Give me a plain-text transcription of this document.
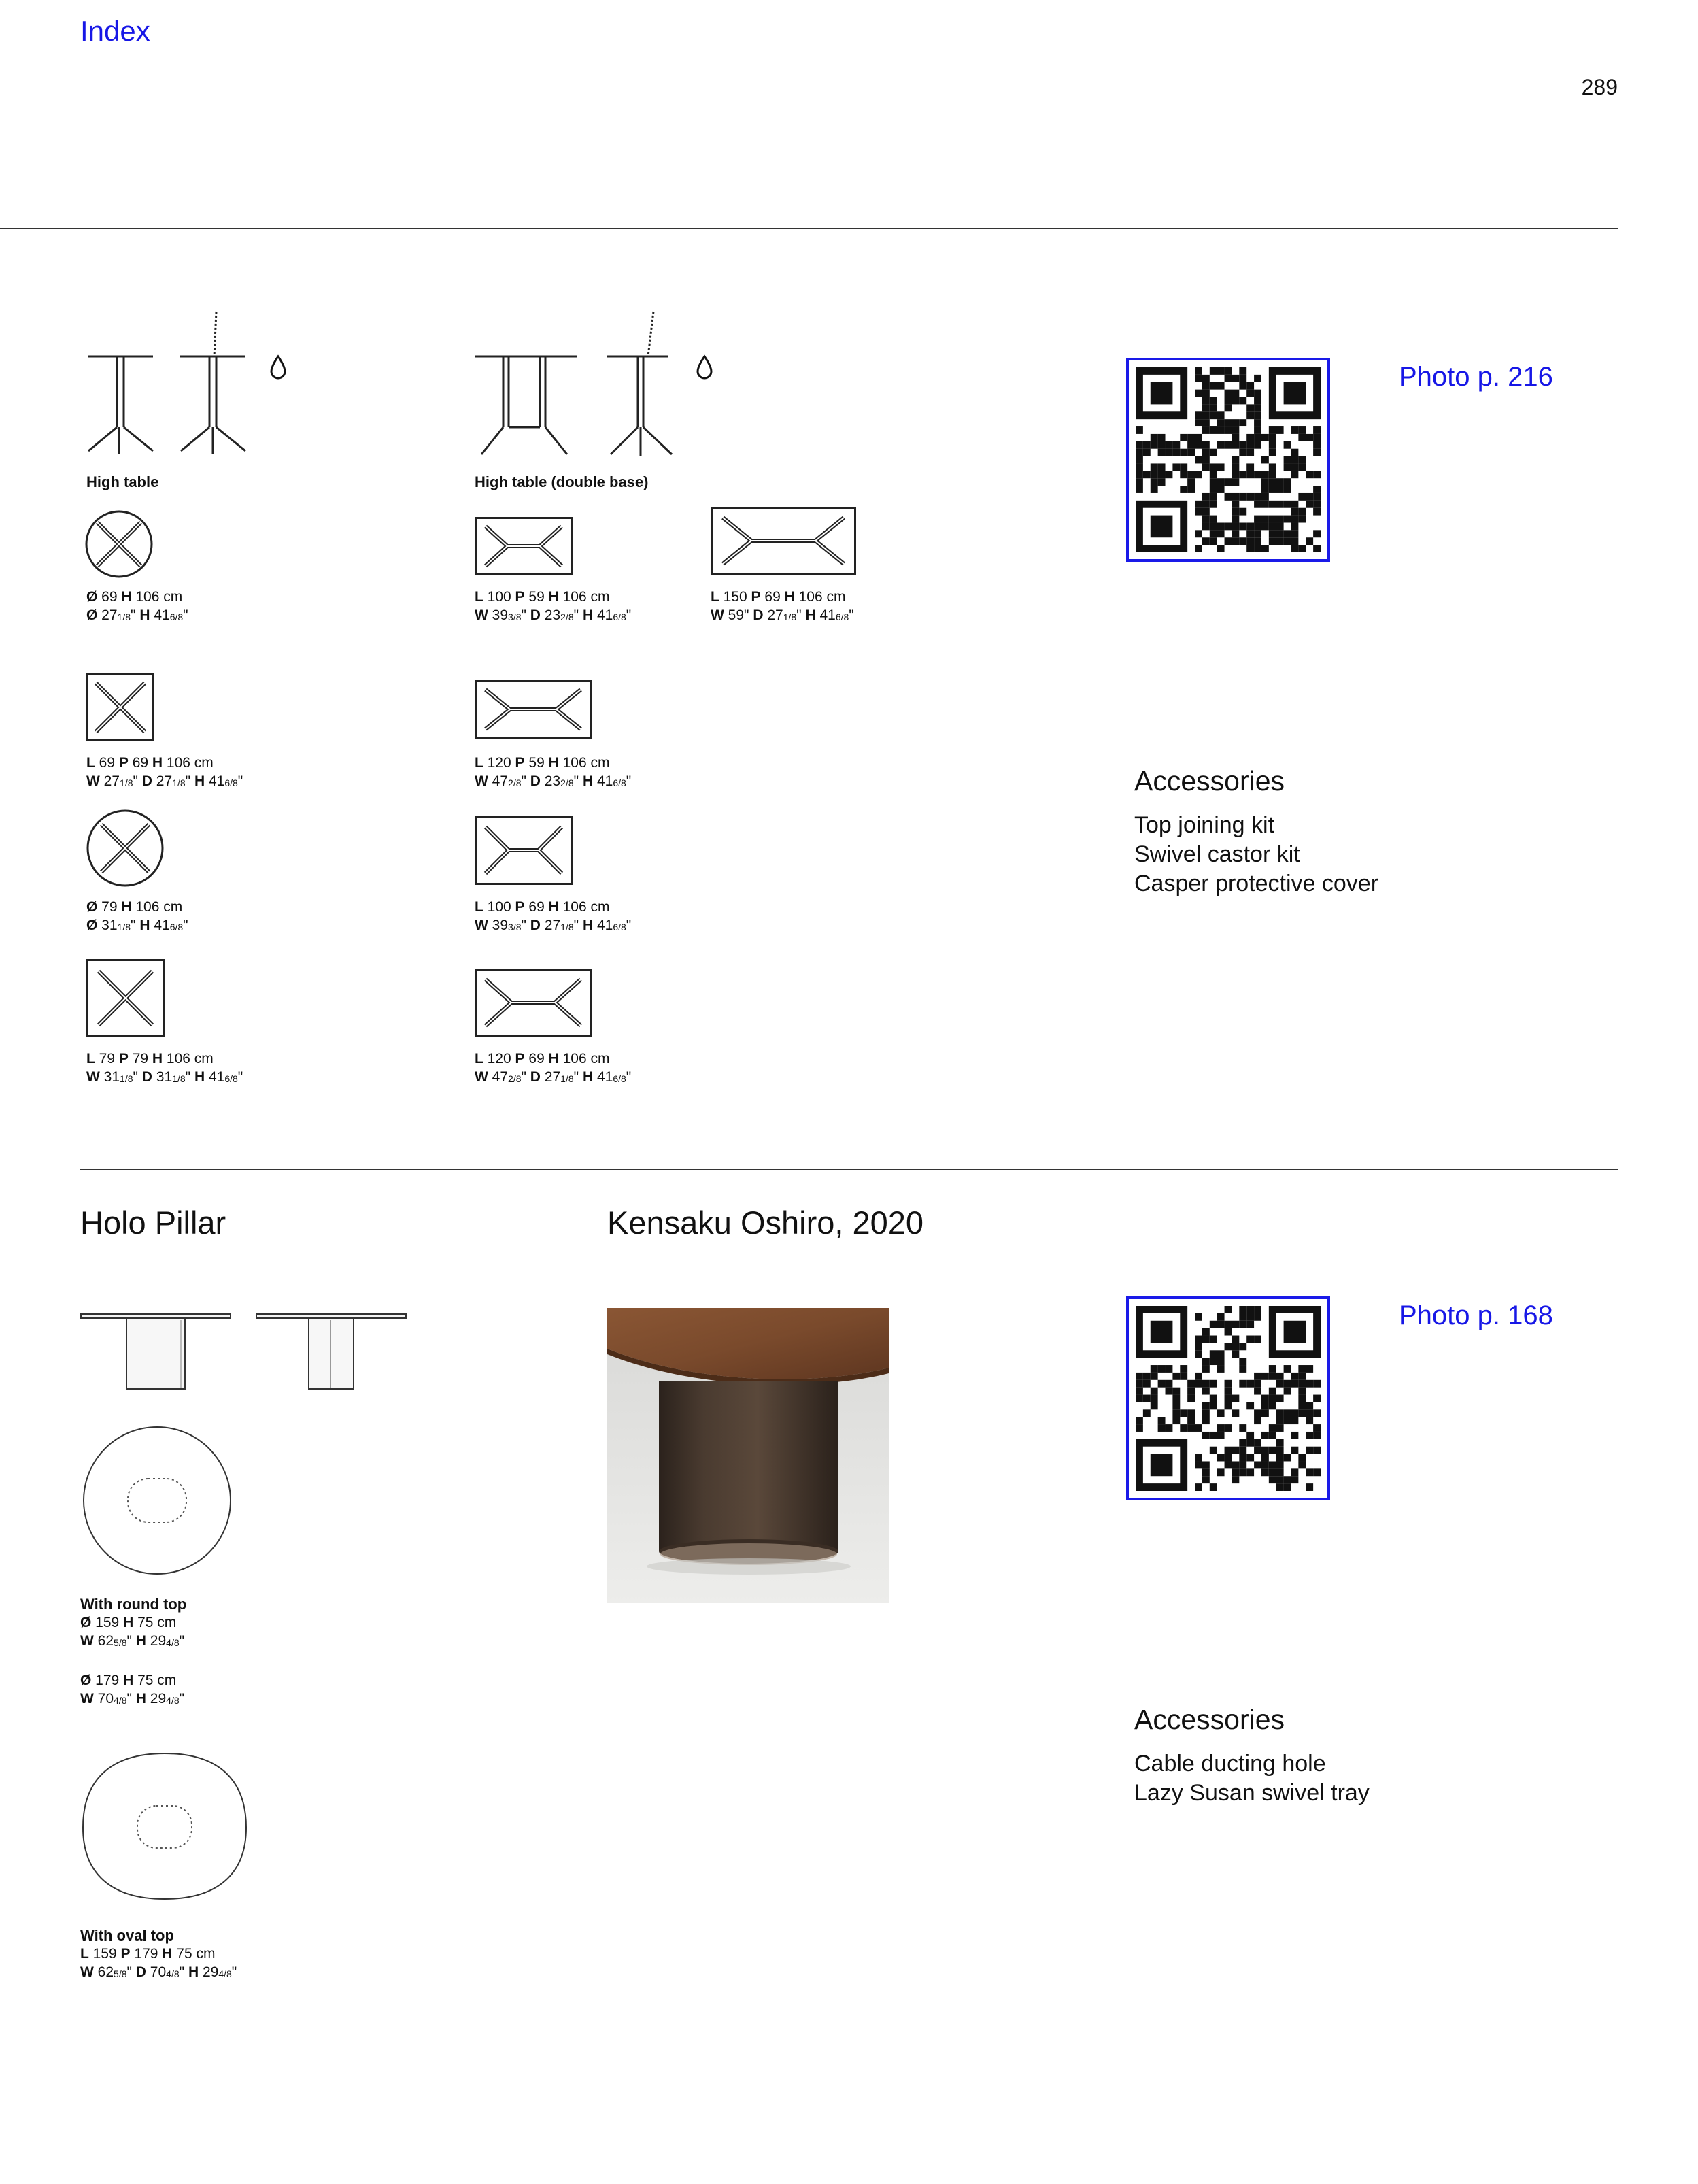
Index
289
High table	High table (double base)
Ø 69 H 106 cm
Ø 271/8" H 416/8"
L 69 P 69 H 106 cm
W 271/8" D 271/8" H 416/8"
Ø 79 H 106 cm
Ø 311/8" H 416/8"
L 79 P 79 H 106 cm
W 311/8" D 311/8" H 416/8"
L 100 P 59 H 106 cm
W 393/8" D 232/8" H 416/8"
L 150 P 69 H 106 cm
W 59" D 271/8" H 416/8"
L 120 P 59 H 106 cm
W 472/8" D 232/8" H 416/8"
L 100 P 69 H 106 cm
W 393/8" D 271/8" H 416/8"
L 120 P 69 H 106 cm
W 472/8" D 271/8" H 416/8"
Photo p. 216
Accessories
Top joining kit
Swivel castor kit
Casper protective cover
Holo Pillar	Kensaku Oshiro, 2020
With round top
Ø 159 H 75 cm
W 625/8" H 294/8"
Ø 179 H 75 cm
W 704/8" H 294/8"
With oval top
L 159 P 179 H 75 cm
W 625/8" D 704/8" H 294/8"
Photo p. 168
Accessories
Cable ducting hole
Lazy Susan swivel tray
